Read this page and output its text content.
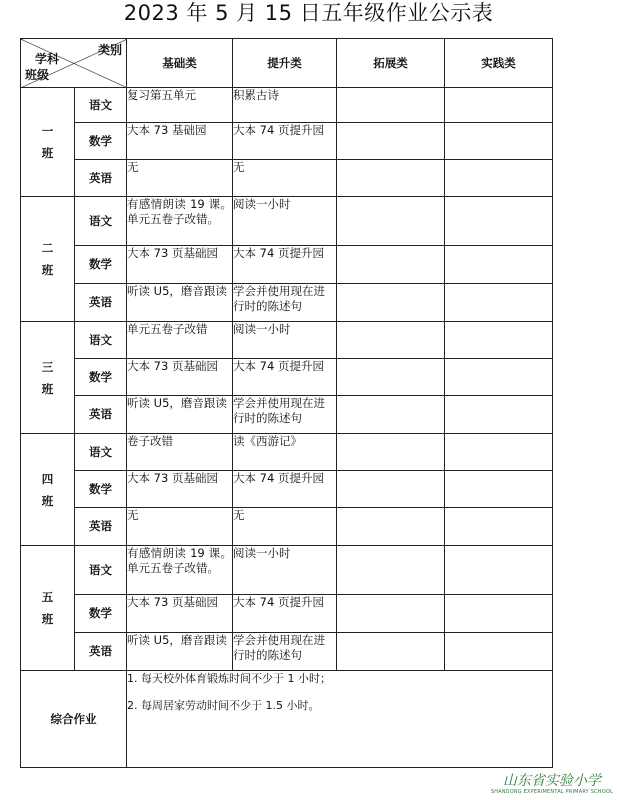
2023 年 5 月 15 日五年级作业公示表
类别
学科
班级		基础类	提升类	拓展类	实践类
一班	语文	复习第五单元	积累古诗		
	数学	大本 73 基础园	大本 74 页提升园		
	英语	无	无		
二班	语文	有感情朗读 19 课。单元五卷子改错。	阅读一小时		
	数学	大本 73 页基础园	大本 74 页提升园		
	英语	听读 U5，磨音跟读	学会并使用现在进行时的陈述句		
三班	语文	单元五卷子改错	阅读一小时		
	数学	大本 73 页基础园	大本 74 页提升园		
	英语	听读 U5，磨音跟读	学会并使用现在进行时的陈述句		
四班	语文	卷子改错	读《西游记》		
	数学	大本 73 页基础园	大本 74 页提升园		
	英语	无	无		
五班	语文	有感情朗读 19 课。单元五卷子改错。	阅读一小时		
	数学	大本 73 页基础园	大本 74 页提升园		
	英语	听读 U5，磨音跟读	学会并使用现在进行时的陈述句		
综合作业		1. 每天校外体育锻炼时间不少于 1 小时；
2. 每周居家劳动时间不少于 1.5 小时。			
山东省实验小学
SHANDONG EXPERIMENTAL PRIMARY SCHOOL
